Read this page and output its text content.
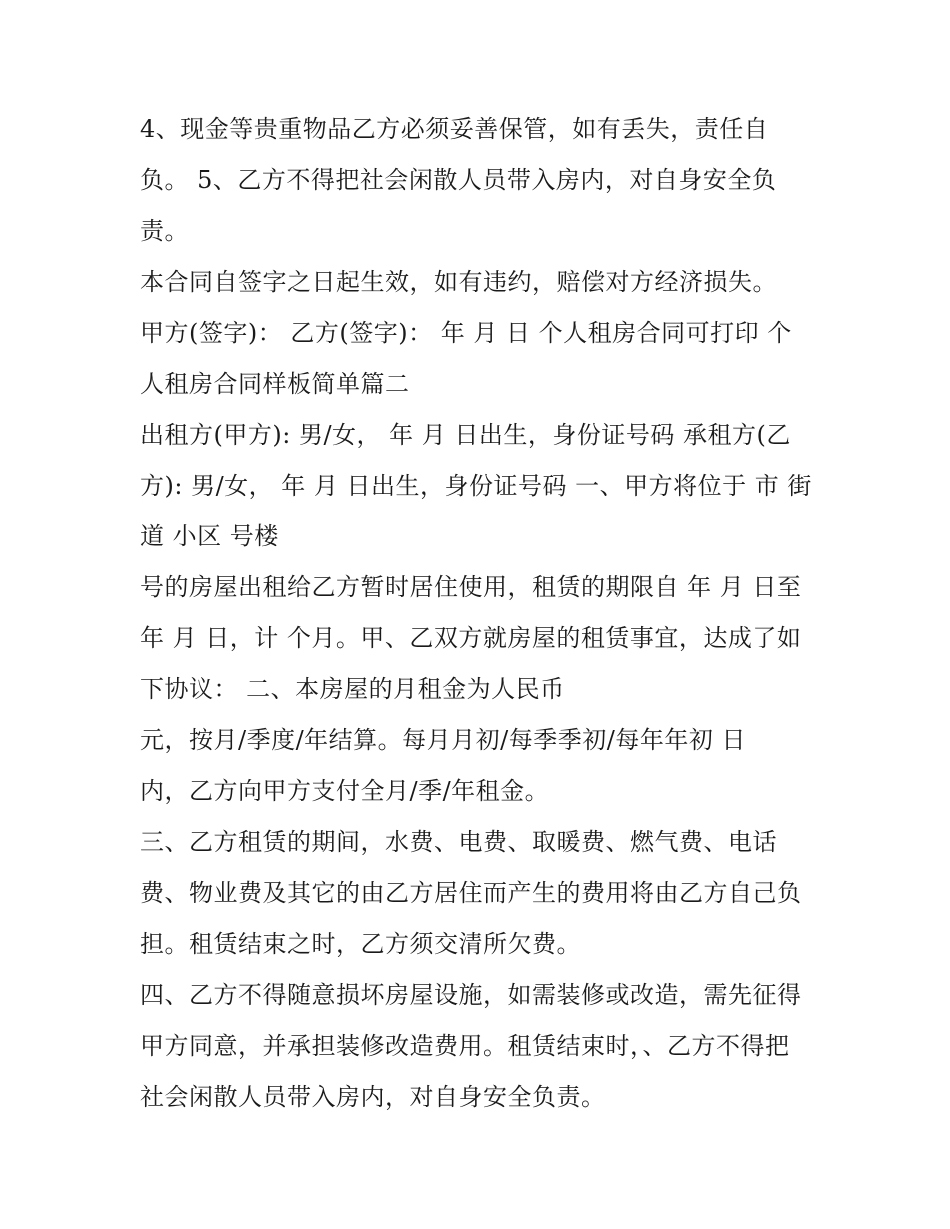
4、现金等贵重物品乙方必须妥善保管，如有丢失，责任自
负。 5、乙方不得把社会闲散人员带入房内，对自身安全负
责。
本合同自签字之日起生效，如有违约，赔偿对方经济损失。
甲方(签字)： 乙方(签字)： 年 月 日 个人租房合同可打印 个
人租房合同样板简单篇二
出租方(甲方): 男/女， 年 月 日出生，身份证号码 承租方(乙
方): 男/女， 年 月 日出生，身份证号码 一、甲方将位于 市 街
道 小区 号楼
号的房屋出租给乙方暂时居住使用，租赁的期限自 年 月 日至
年 月 日，计 个月。甲、乙双方就房屋的租赁事宜，达成了如
下协议： 二、本房屋的月租金为人民币
元，按月/季度/年结算。每月月初/每季季初/每年年初 日
内，乙方向甲方支付全月/季/年租金。
三、乙方租赁的期间，水费、电费、取暖费、燃气费、电话
费、物业费及其它的由乙方居住而产生的费用将由乙方自己负
担。租赁结束之时，乙方须交清所欠费。
四、乙方不得随意损坏房屋设施，如需装修或改造，需先征得
甲方同意，并承担装修改造费用。租赁结束时，、乙方不得把
社会闲散人员带入房内，对自身安全负责。
